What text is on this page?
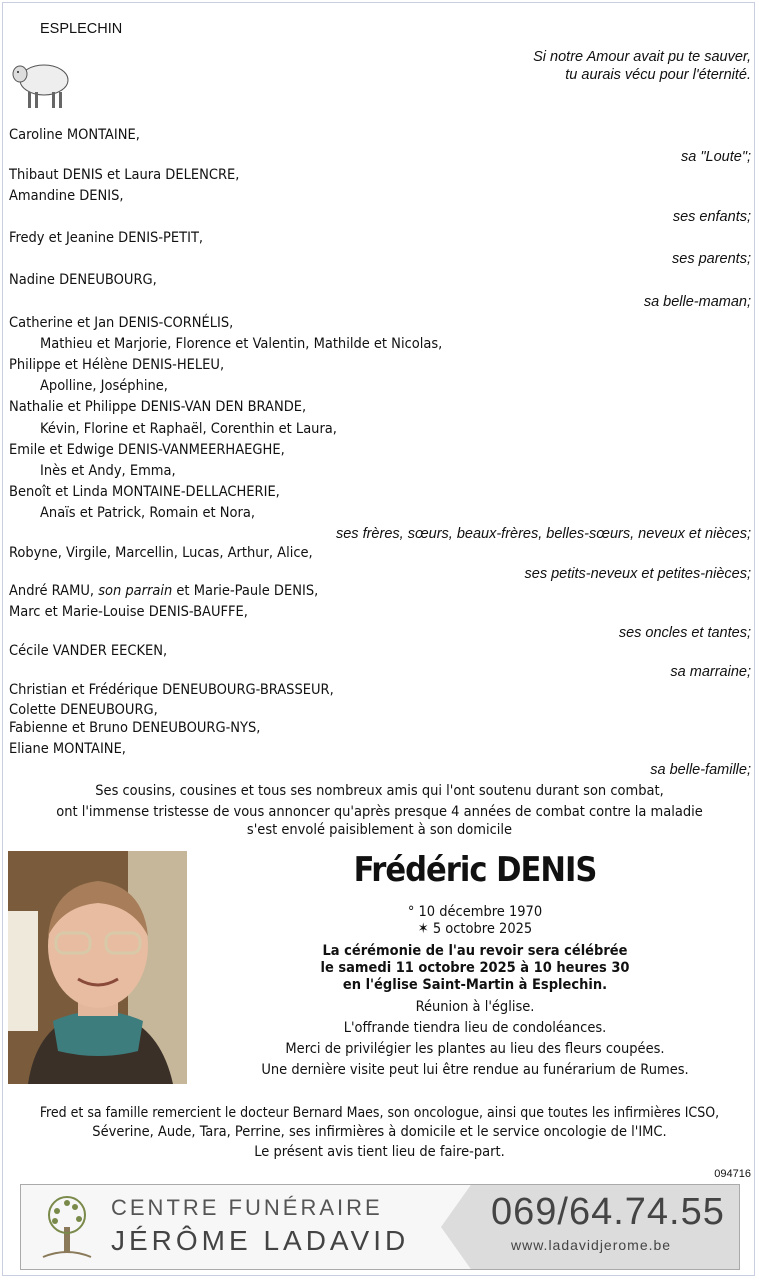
ESPLECHIN
Si notre Amour avait pu te sauver,
tu aurais vécu pour l'éternité.
Caroline MONTAINE,
sa "Loute";
Thibaut DENIS et Laura DELENCRE,
Amandine DENIS,
ses enfants;
Fredy et Jeanine DENIS-PETIT,
ses parents;
Nadine DENEUBOURG,
sa belle-maman;
Catherine et Jan DENIS-CORNÉLIS,
Mathieu et Marjorie, Florence et Valentin, Mathilde et Nicolas,
Philippe et Hélène DENIS-HELEU,
Apolline, Joséphine,
Nathalie et Philippe DENIS-VAN DEN BRANDE,
Kévin, Florine et Raphaël, Corenthin et Laura,
Emile et Edwige DENIS-VANMEERHAEGHE,
Inès et Andy, Emma,
Benoît et Linda MONTAINE-DELLACHERIE,
Anaïs et Patrick, Romain et Nora,
ses frères, sœurs, beaux-frères, belles-sœurs, neveux et nièces;
Robyne, Virgile, Marcellin, Lucas, Arthur, Alice,
ses petits-neveux et petites-nièces;
André RAMU, son parrain et Marie-Paule DENIS,
Marc et Marie-Louise DENIS-BAUFFE,
ses oncles et tantes;
Cécile VANDER EECKEN,
sa marraine;
Christian et Frédérique DENEUBOURG-BRASSEUR,
Colette DENEUBOURG,
Fabienne et Bruno DENEUBOURG-NYS,
Eliane MONTAINE,
sa belle-famille;
Ses cousins, cousines et tous ses nombreux amis qui l'ont soutenu durant son combat,
ont l'immense tristesse de vous annoncer qu'après presque 4 années de combat contre la maladie
s'est envolé paisiblement à son domicile
Frédéric DENIS
° 10 décembre 1970
✶ 5 octobre 2025
La cérémonie de l'au revoir sera célébrée
le samedi 11 octobre 2025 à 10 heures 30
en l'église Saint-Martin à Esplechin.
Réunion à l'église.
L'offrande tiendra lieu de condoléances.
Merci de privilégier les plantes au lieu des fleurs coupées.
Une dernière visite peut lui être rendue au funérarium de Rumes.
Fred et sa famille remercient le docteur Bernard Maes, son oncologue, ainsi que toutes les infirmières ICSO,
Séverine, Aude, Tara, Perrine, ses infirmières à domicile et le service oncologie de l'IMC.
Le présent avis tient lieu de faire-part.
094716
CENTRE FUNÉRAIRE
JÉRÔME LADAVID
069/64.74.55
www.ladavidjerome.be
